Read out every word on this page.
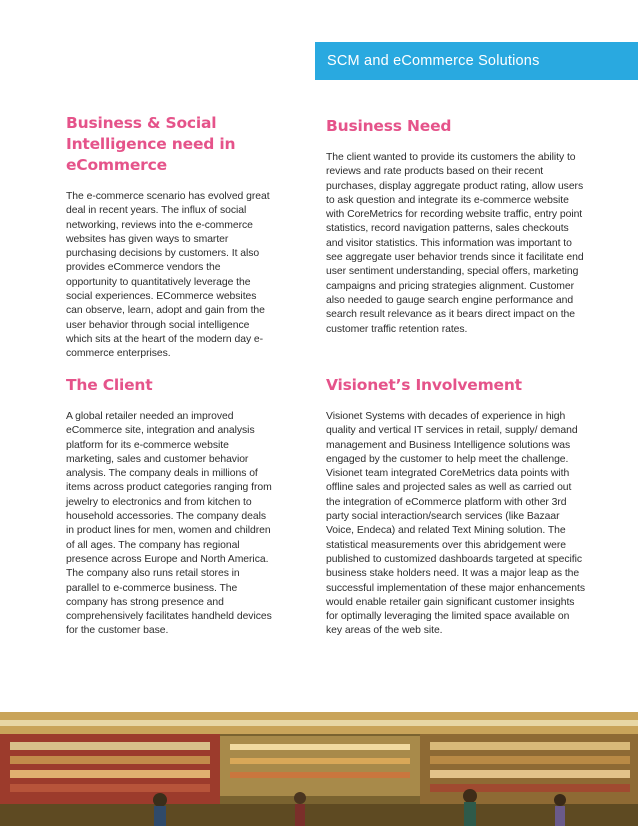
SCM and eCommerce Solutions
Business & Social
Intelligence need in
eCommerce

The e-commerce scenario has evolved great deal in recent years. The influx of social networking, reviews into the e-commerce websites has given ways to smarter purchasing decisions by customers. It also provides eCommerce vendors the opportunity to quantitatively leverage the social experiences. ECommerce websites can observe, learn, adopt and gain from the user behavior through social intelligence which sits at the heart of the modern day e-commerce enterprises.

The Client

A global retailer needed an improved eCommerce site, integration and analysis platform for its e-commerce website marketing, sales and customer behavior analysis. The company deals in millions of items across product categories ranging from jewelry to electronics and from kitchen to household accessories. The company deals in product lines for men, women and children of all ages. The company has regional presence across Europe and North America. The company also runs retail stores in parallel to e-commerce business. The company has strong presence and comprehensively facilitates handheld devices for the customer base.

Business Need

The client wanted to provide its customers the ability to reviews and rate products based on their recent purchases, display aggregate product rating, allow users to ask question and integrate its e-commerce website with CoreMetrics for recording website traffic, entry point statistics, record navigation patterns, sales checkouts and visitor statistics. This information was important to see aggregate user behavior trends since it facilitate end user sentiment understanding, special offers, marketing campaigns and pricing strategies alignment. Customer also needed to gauge search engine performance and search result relevance as it bears direct impact on the customer traffic retention rates.

Visionet’s Involvement

Visionet Systems with decades of experience in high quality and vertical IT services in retail, supply/ demand management and Business Intelligence solutions was engaged by the customer to help meet the challenge. Visionet team integrated CoreMetrics data points with offline sales and projected sales as well as carried out the integration of eCommerce platform with other 3rd party social interaction/search services (like Bazaar Voice, Endeca) and related Text Mining solution. The statistical measurements over this abridgement were published to customized dashboards targeted at specific business stake holders need. It was a major leap as the successful implementation of these major enhancements would enable retailer gain significant customer insights for optimally leveraging the limited space available on key areas of the web site.
